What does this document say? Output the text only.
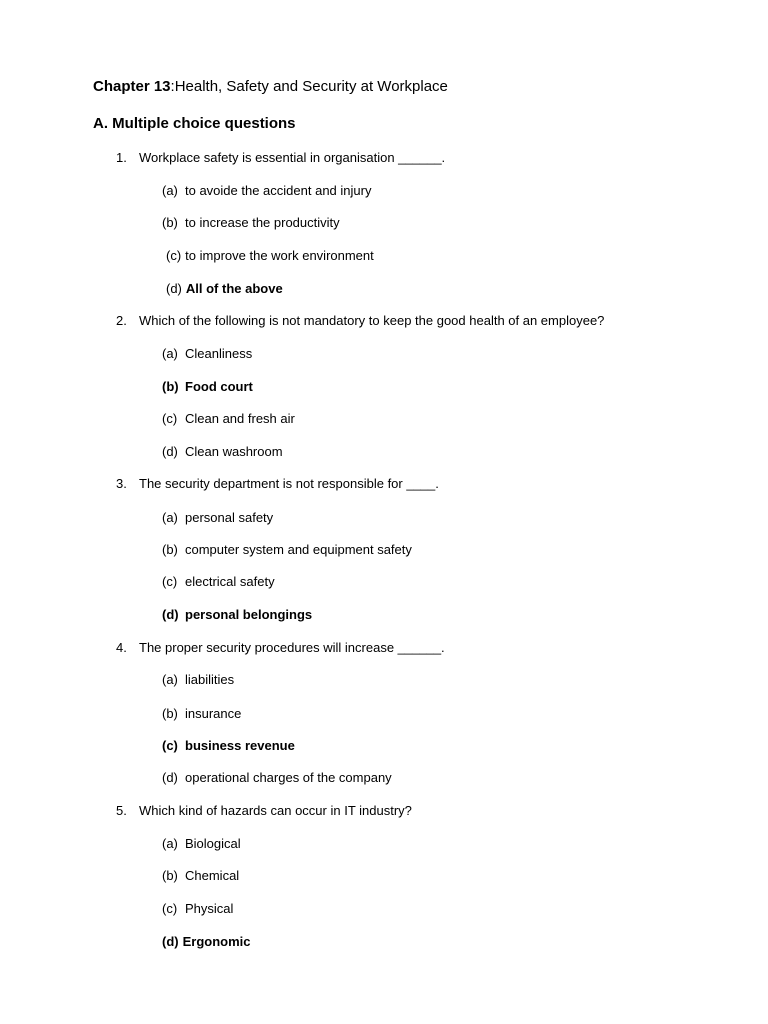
Chapter 13:Health, Safety and Security at Workplace
A. Multiple choice questions
1. Workplace safety is essential in organisation ______.
(a) to avoide the accident and injury
(b) to increase the productivity
(c) to improve the work environment
(d) All of the above
2. Which of the following is not mandatory to keep the good health of an employee?
(a) Cleanliness
(b) Food court
(c) Clean and fresh air
(d) Clean washroom
3. The security department is not responsible for ____.
(a) personal safety
(b) computer system and equipment safety
(c) electrical safety
(d) personal belongings
4. The proper security procedures will increase ______.
(a) liabilities
(b) insurance
(c) business revenue
(d) operational charges of the company
5. Which kind of hazards can occur in IT industry?
(a) Biological
(b) Chemical
(c) Physical
(d) Ergonomic
